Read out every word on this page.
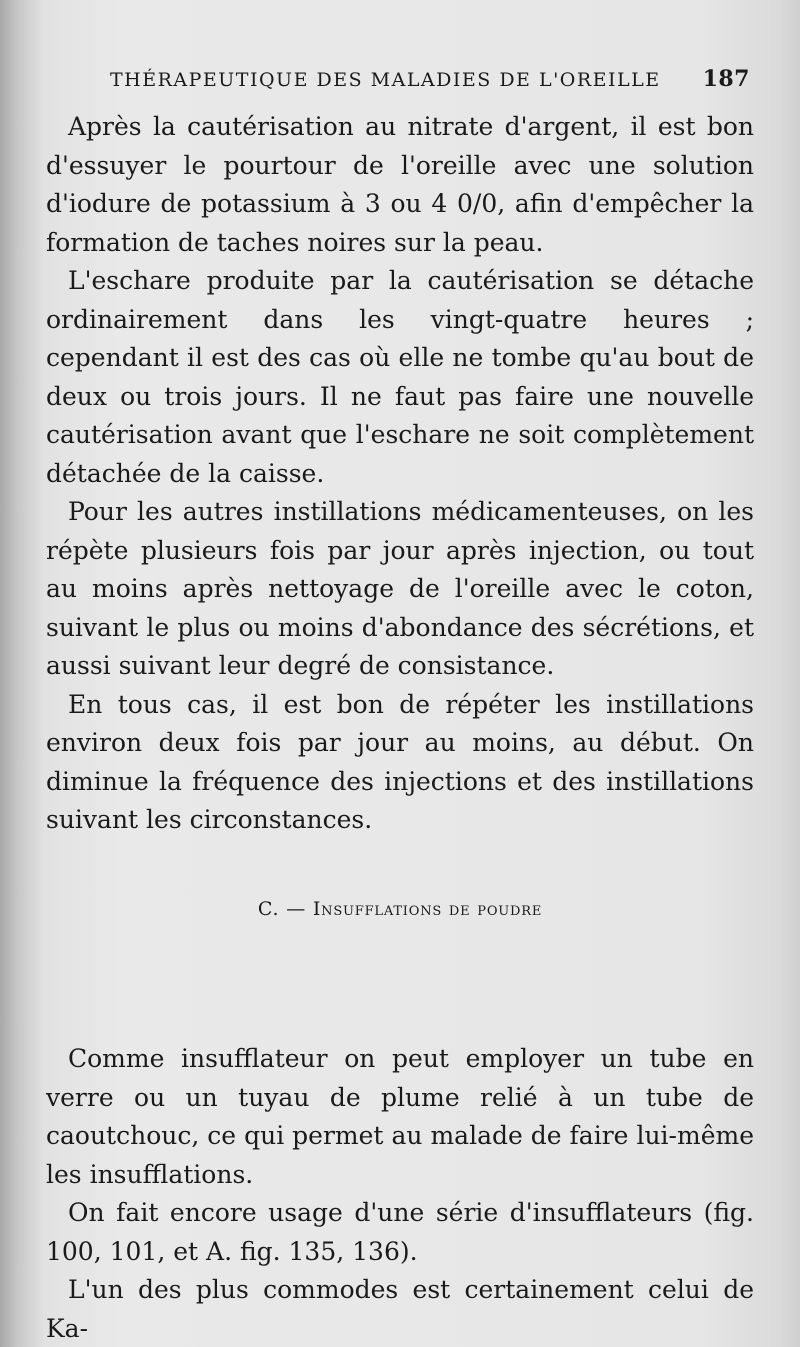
THÉRAPEUTIQUE DES MALADIES DE L'OREILLE 187

Après la cautérisation au nitrate d'argent, il est bon d'essuyer le pourtour de l'oreille avec une solution d'iodure de potassium à 3 ou 4 0/0, afin d'empêcher la formation de taches noires sur la peau.

L'eschare produite par la cautérisation se détache ordinairement dans les vingt-quatre heures ; cependant il est des cas où elle ne tombe qu'au bout de deux ou trois jours. Il ne faut pas faire une nouvelle cautérisation avant que l'eschare ne soit complètement détachée de la caisse.

Pour les autres instillations médicamenteuses, on les répète plusieurs fois par jour après injection, ou tout au moins après nettoyage de l'oreille avec le coton, suivant le plus ou moins d'abondance des sécrétions, et aussi suivant leur degré de consistance.

En tous cas, il est bon de répéter les instillations environ deux fois par jour au moins, au début. On diminue la fréquence des injections et des instillations suivant les circonstances.

C. — Insufflations de poudre

Comme insufflateur on peut employer un tube en verre ou un tuyau de plume relié à un tube de caoutchouc, ce qui permet au malade de faire lui-même les insufflations.

On fait encore usage d'une série d'insufflateurs (fig. 100, 101, et A. fig. 135, 136).

L'un des plus commodes est certainement celui de Ka-
